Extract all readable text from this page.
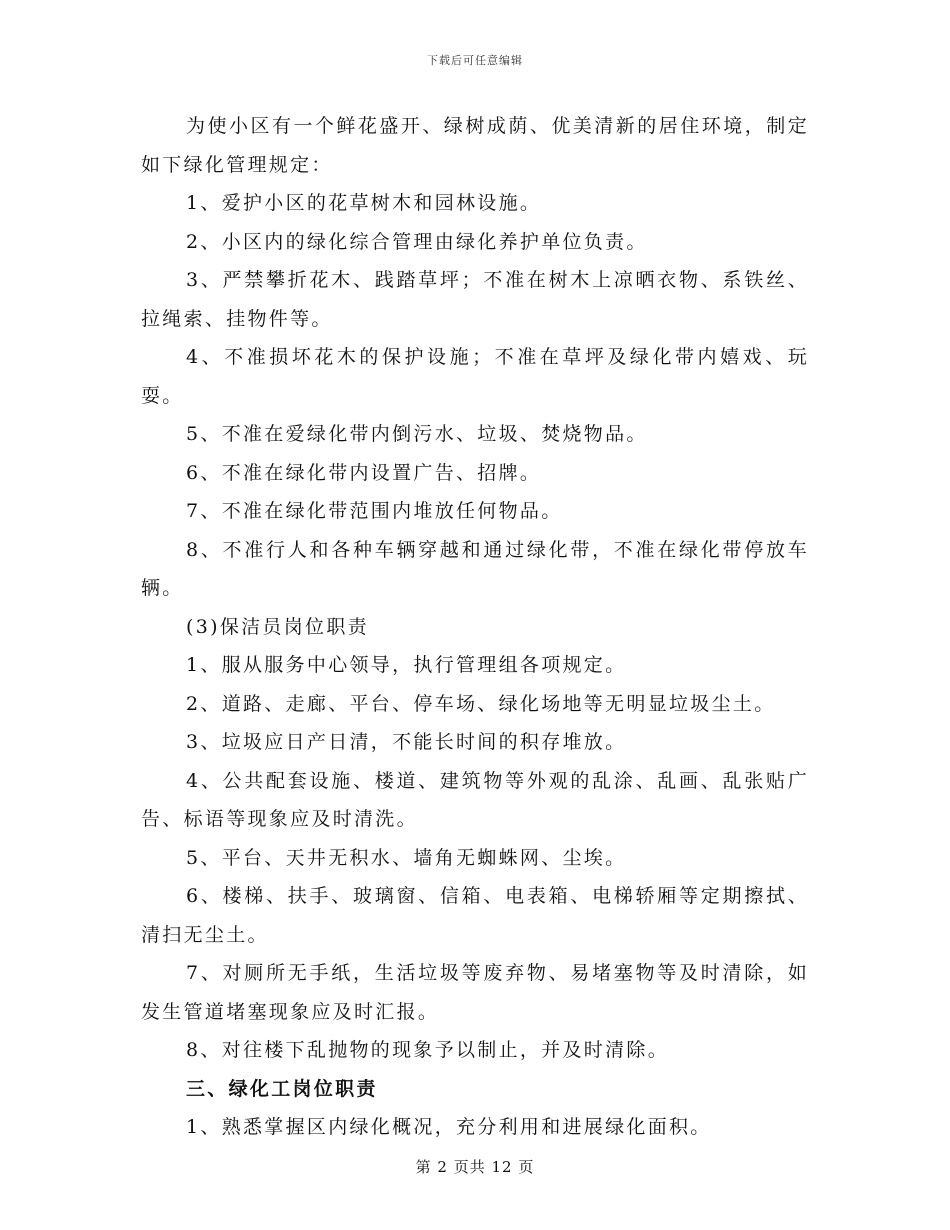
下载后可任意编辑

为使小区有一个鲜花盛开、绿树成荫、优美清新的居住环境，制定如下绿化管理规定：

1、爱护小区的花草树木和园林设施。

2、小区内的绿化综合管理由绿化养护单位负责。

3、严禁攀折花木、践踏草坪；不准在树木上凉晒衣物、系铁丝、拉绳索、挂物件等。

4、不准损坏花木的保护设施；不准在草坪及绿化带内嬉戏、玩耍。

5、不准在爱绿化带内倒污水、垃圾、焚烧物品。

6、不准在绿化带内设置广告、招牌。

7、不准在绿化带范围内堆放任何物品。

8、不准行人和各种车辆穿越和通过绿化带，不准在绿化带停放车辆。

(3)保洁员岗位职责

1、服从服务中心领导，执行管理组各项规定。

2、道路、走廊、平台、停车场、绿化场地等无明显垃圾尘土。

3、垃圾应日产日清，不能长时间的积存堆放。

4、公共配套设施、楼道、建筑物等外观的乱涂、乱画、乱张贴广告、标语等现象应及时清洗。

5、平台、天井无积水、墙角无蜘蛛网、尘埃。

6、楼梯、扶手、玻璃窗、信箱、电表箱、电梯轿厢等定期擦拭、清扫无尘土。

7、对厕所无手纸，生活垃圾等废弃物、易堵塞物等及时清除，如发生管道堵塞现象应及时汇报。

8、对往楼下乱抛物的现象予以制止，并及时清除。

三、绿化工岗位职责

1、熟悉掌握区内绿化概况，充分利用和进展绿化面积。

第 2 页共 12 页
